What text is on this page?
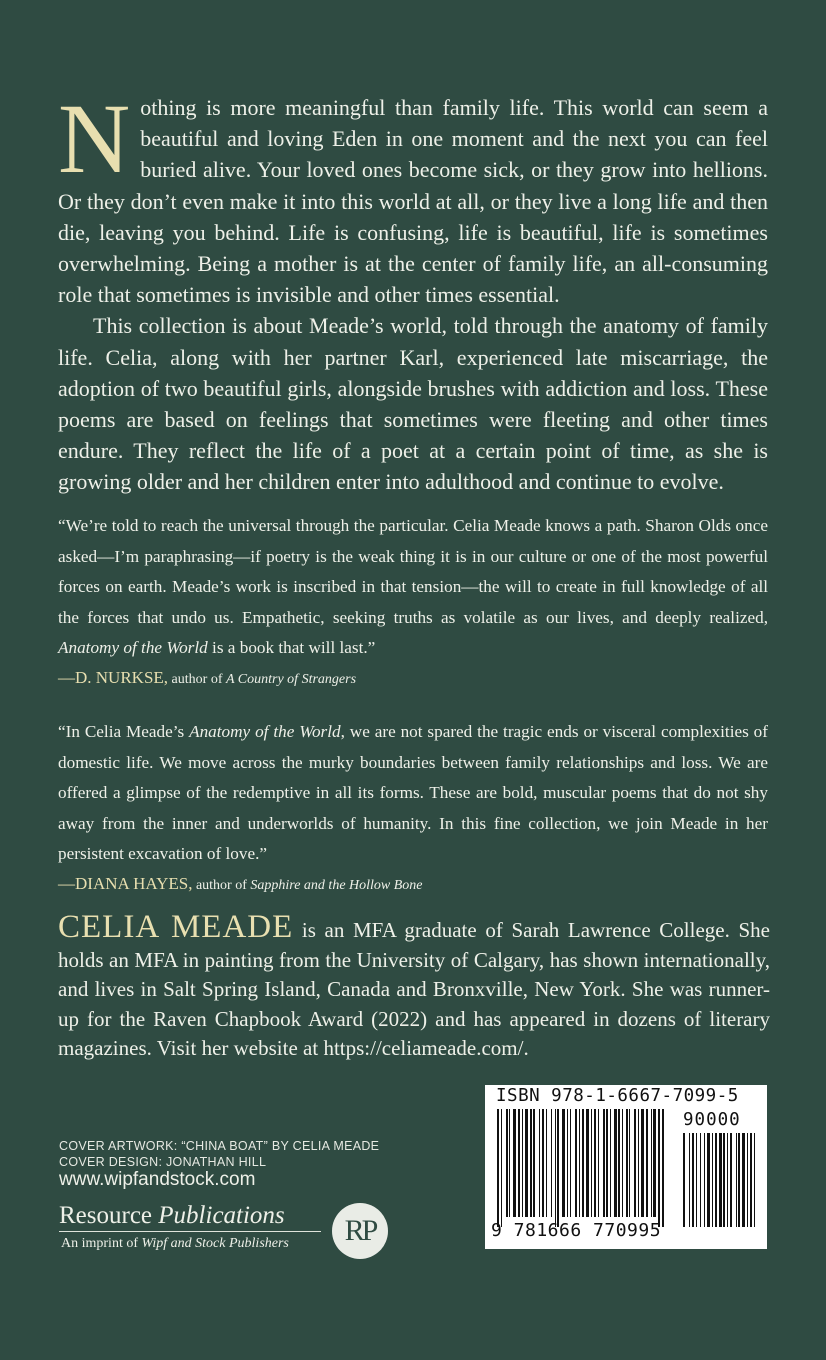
Nothing is more meaningful than family life. This world can seem a beautiful and loving Eden in one moment and the next you can feel buried alive. Your loved ones become sick, or they grow into hellions. Or they don’t even make it into this world at all, or they live a long life and then die, leaving you behind. Life is confusing, life is beautiful, life is sometimes overwhelming. Being a mother is at the center of family life, an all-consuming role that sometimes is invisible and other times essential.

This collection is about Meade’s world, told through the anatomy of family life. Celia, along with her partner Karl, experienced late miscarriage, the adoption of two beautiful girls, alongside brushes with addiction and loss. These poems are based on feelings that sometimes were fleeting and other times endure. They reflect the life of a poet at a certain point of time, as she is growing older and her children enter into adulthood and continue to evolve.

“We’re told to reach the universal through the particular. Celia Meade knows a path. Sharon Olds once asked—I’m paraphrasing—if poetry is the weak thing it is in our culture or one of the most powerful forces on earth. Meade’s work is inscribed in that tension—the will to create in full knowledge of all the forces that undo us. Empathetic, seeking truths as volatile as our lives, and deeply realized, Anatomy of the World is a book that will last.”

—D. NURKSE, author of A Country of Strangers

“In Celia Meade’s Anatomy of the World, we are not spared the tragic ends or visceral complexities of domestic life. We move across the murky boundaries between family relationships and loss. We are offered a glimpse of the redemptive in all its forms. These are bold, muscular poems that do not shy away from the inner and underworlds of humanity. In this fine collection, we join Meade in her persistent excavation of love.”

—DIANA HAYES, author of Sapphire and the Hollow Bone

CELIA MEADE is an MFA graduate of Sarah Lawrence College. She holds an MFA in painting from the University of Calgary, has shown internationally, and lives in Salt Spring Island, Canada and Bronxville, New York. She was runner-up for the Raven Chapbook Award (2022) and has appeared in dozens of literary magazines. Visit her website at https://celiameade.com/.

COVER ARTWORK: “CHINA BOAT” BY CELIA MEADE
COVER DESIGN: JONATHAN HILL
www.wipfandstock.com
Resource Publications
An imprint of Wipf and Stock Publishers	RP
ISBN 978-1-6667-7099-5
90000
9 781666 770995
